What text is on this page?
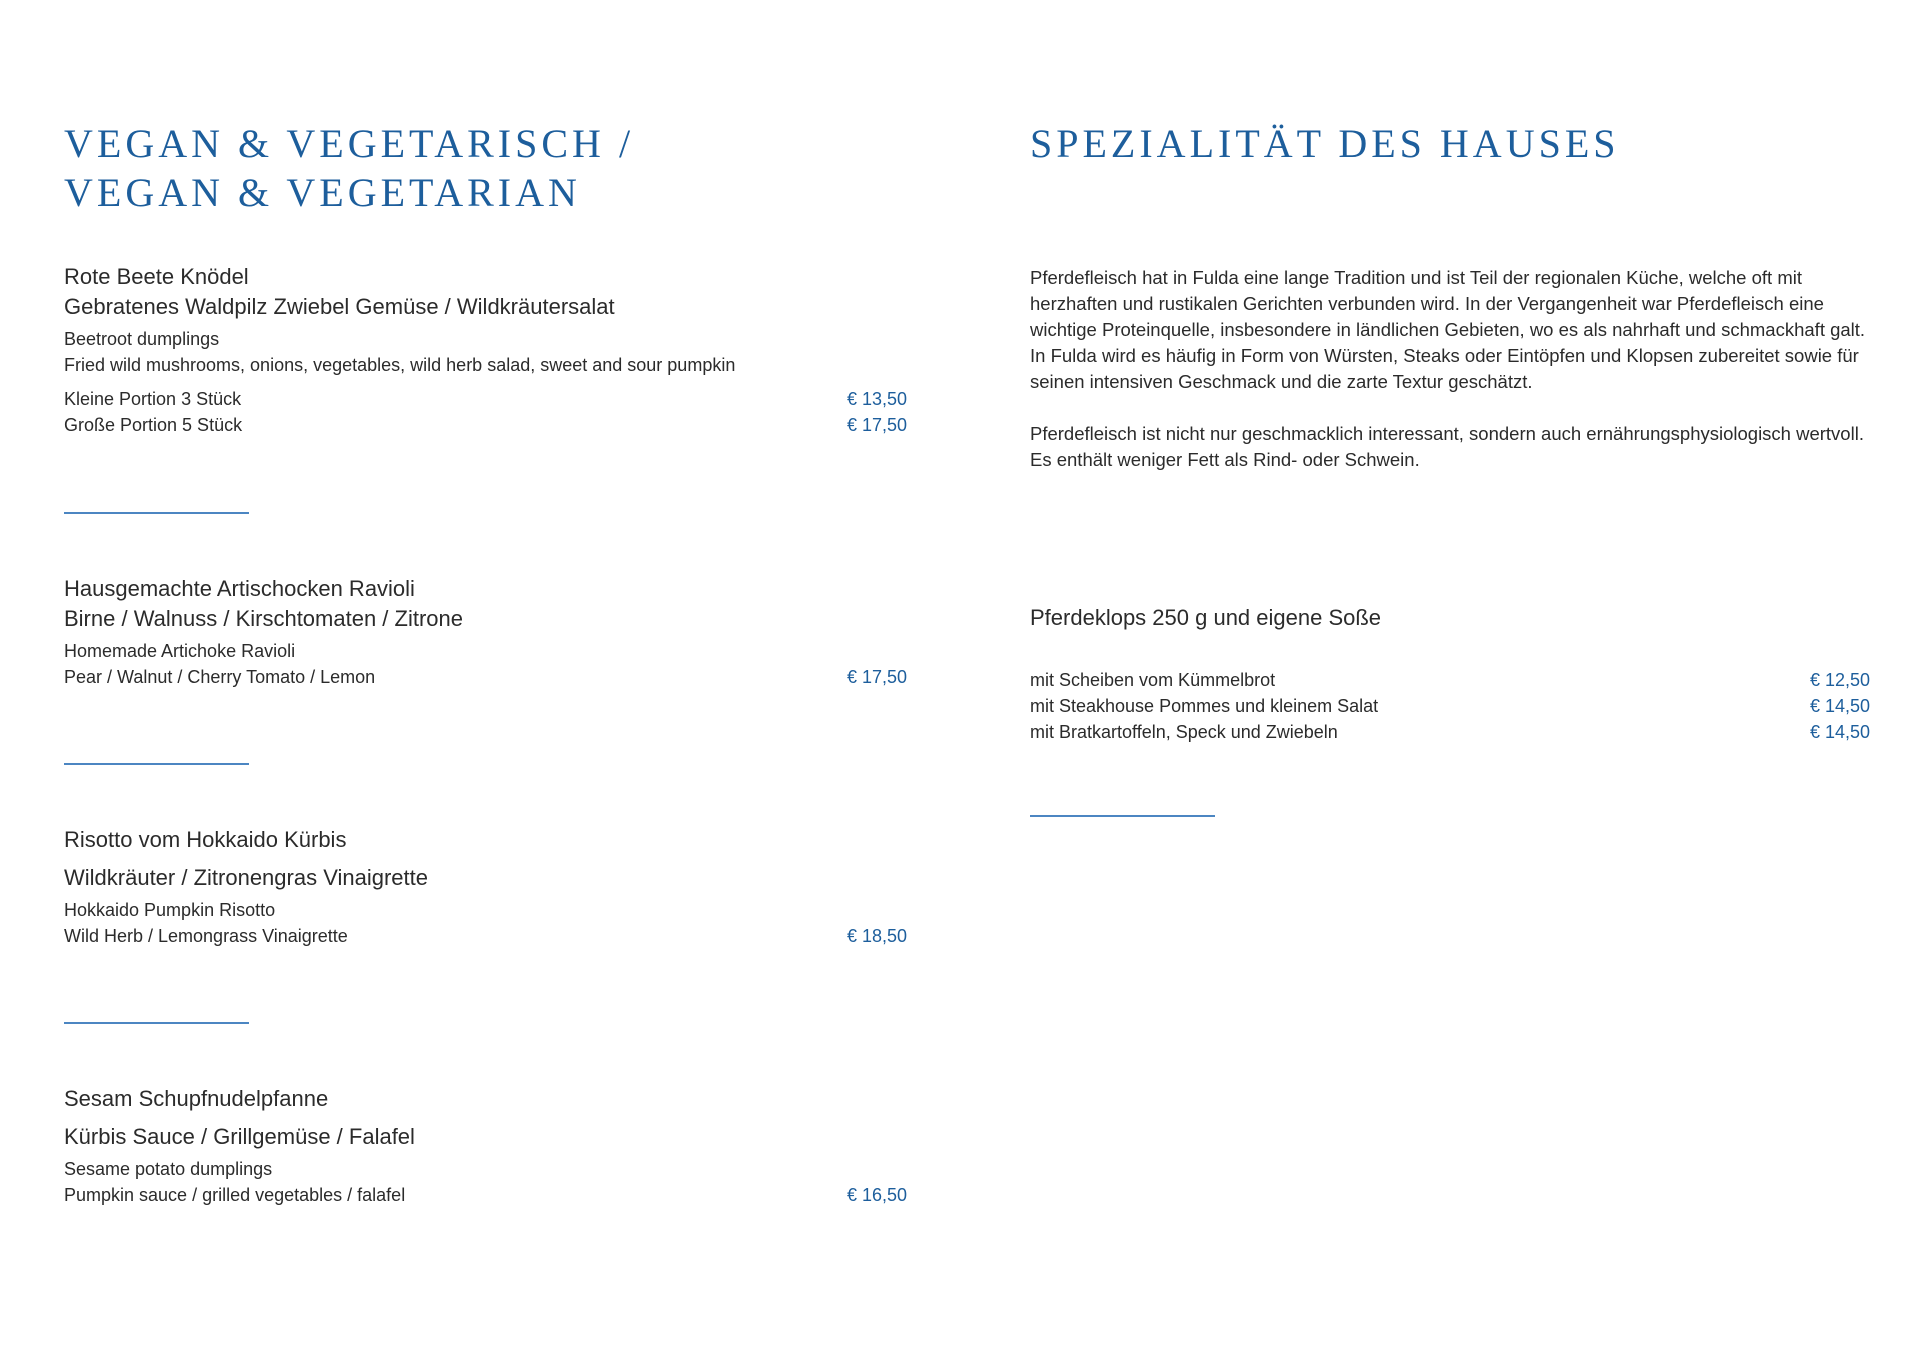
VEGAN & VEGETARISCH /
VEGAN & VEGETARIAN
Rote Beete Knödel
Gebratenes Waldpilz Zwiebel Gemüse / Wildkräutersalat
Beetroot dumplings
Fried wild mushrooms, onions, vegetables, wild herb salad, sweet and sour pumpkin
Kleine Portion 3 Stück	€ 13,50
Große Portion 5 Stück	€ 17,50
Hausgemachte Artischocken Ravioli
Birne / Walnuss / Kirschtomaten / Zitrone
Homemade Artichoke Ravioli
Pear / Walnut / Cherry Tomato / Lemon	€ 17,50
Risotto vom Hokkaido Kürbis
Wildkräuter / Zitronengras Vinaigrette
Hokkaido Pumpkin Risotto
Wild Herb / Lemongrass Vinaigrette	€ 18,50
Sesam Schupfnudelpfanne
Kürbis Sauce / Grillgemüse / Falafel
Sesame potato dumplings
Pumpkin sauce / grilled vegetables / falafel	€ 16,50
SPEZIALITÄT DES HAUSES

Pferdefleisch hat in Fulda eine lange Tradition und ist Teil der regionalen Küche, welche oft mit herzhaften und rustikalen Gerichten verbunden wird. In der Vergangenheit war Pferdefleisch eine wichtige Proteinquelle, insbesondere in ländlichen Gebieten, wo es als nahrhaft und schmackhaft galt. In Fulda wird es häufig in Form von Würsten, Steaks oder Eintöpfen und Klopsen zubereitet sowie für seinen intensiven Geschmack und die zarte Textur geschätzt.

Pferdefleisch ist nicht nur geschmacklich interessant, sondern auch ernährungsphysiologisch wertvoll. Es enthält weniger Fett als Rind- oder Schwein.

Pferdeklops 250 g und eigene Soße
mit Scheiben vom Kümmelbrot	€ 12,50
mit Steakhouse Pommes und kleinem Salat	€ 14,50
mit Bratkartoffeln, Speck und Zwiebeln	€ 14,50
